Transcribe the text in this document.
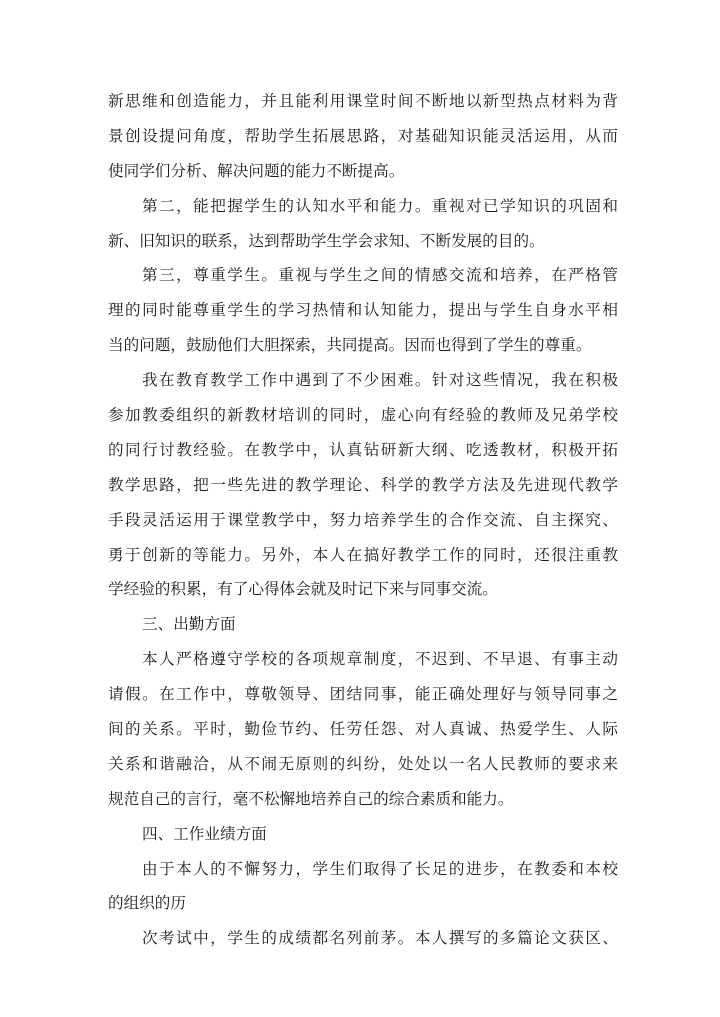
新思维和创造能力，并且能利用课堂时间不断地以新型热点材料为背
景创设提问角度，帮助学生拓展思路，对基础知识能灵活运用，从而
使同学们分析、解决问题的能力不断提高。
第二，能把握学生的认知水平和能力。重视对已学知识的巩固和
新、旧知识的联系，达到帮助学生学会求知、不断发展的目的。
第三，尊重学生。重视与学生之间的情感交流和培养，在严格管
理的同时能尊重学生的学习热情和认知能力，提出与学生自身水平相
当的问题，鼓励他们大胆探索，共同提高。因而也得到了学生的尊重。
我在教育教学工作中遇到了不少困难。针对这些情况，我在积极
参加教委组织的新教材培训的同时，虚心向有经验的教师及兄弟学校
的同行讨教经验。在教学中，认真钻研新大纲、吃透教材，积极开拓
教学思路，把一些先进的教学理论、科学的教学方法及先进现代教学
手段灵活运用于课堂教学中，努力培养学生的合作交流、自主探究、
勇于创新的等能力。另外，本人在搞好教学工作的同时，还很注重教
学经验的积累，有了心得体会就及时记下来与同事交流。
三、出勤方面
本人严格遵守学校的各项规章制度，不迟到、不早退、有事主动
请假。在工作中，尊敬领导、团结同事，能正确处理好与领导同事之
间的关系。平时，勤俭节约、任劳任怨、对人真诚、热爱学生、人际
关系和谐融洽，从不闹无原则的纠纷，处处以一名人民教师的要求来
规范自己的言行，毫不松懈地培养自己的综合素质和能力。
四、工作业绩方面
由于本人的不懈努力，学生们取得了长足的进步，在教委和本校
的组织的历
次考试中，学生的成绩都名列前茅。本人撰写的多篇论文获区、
